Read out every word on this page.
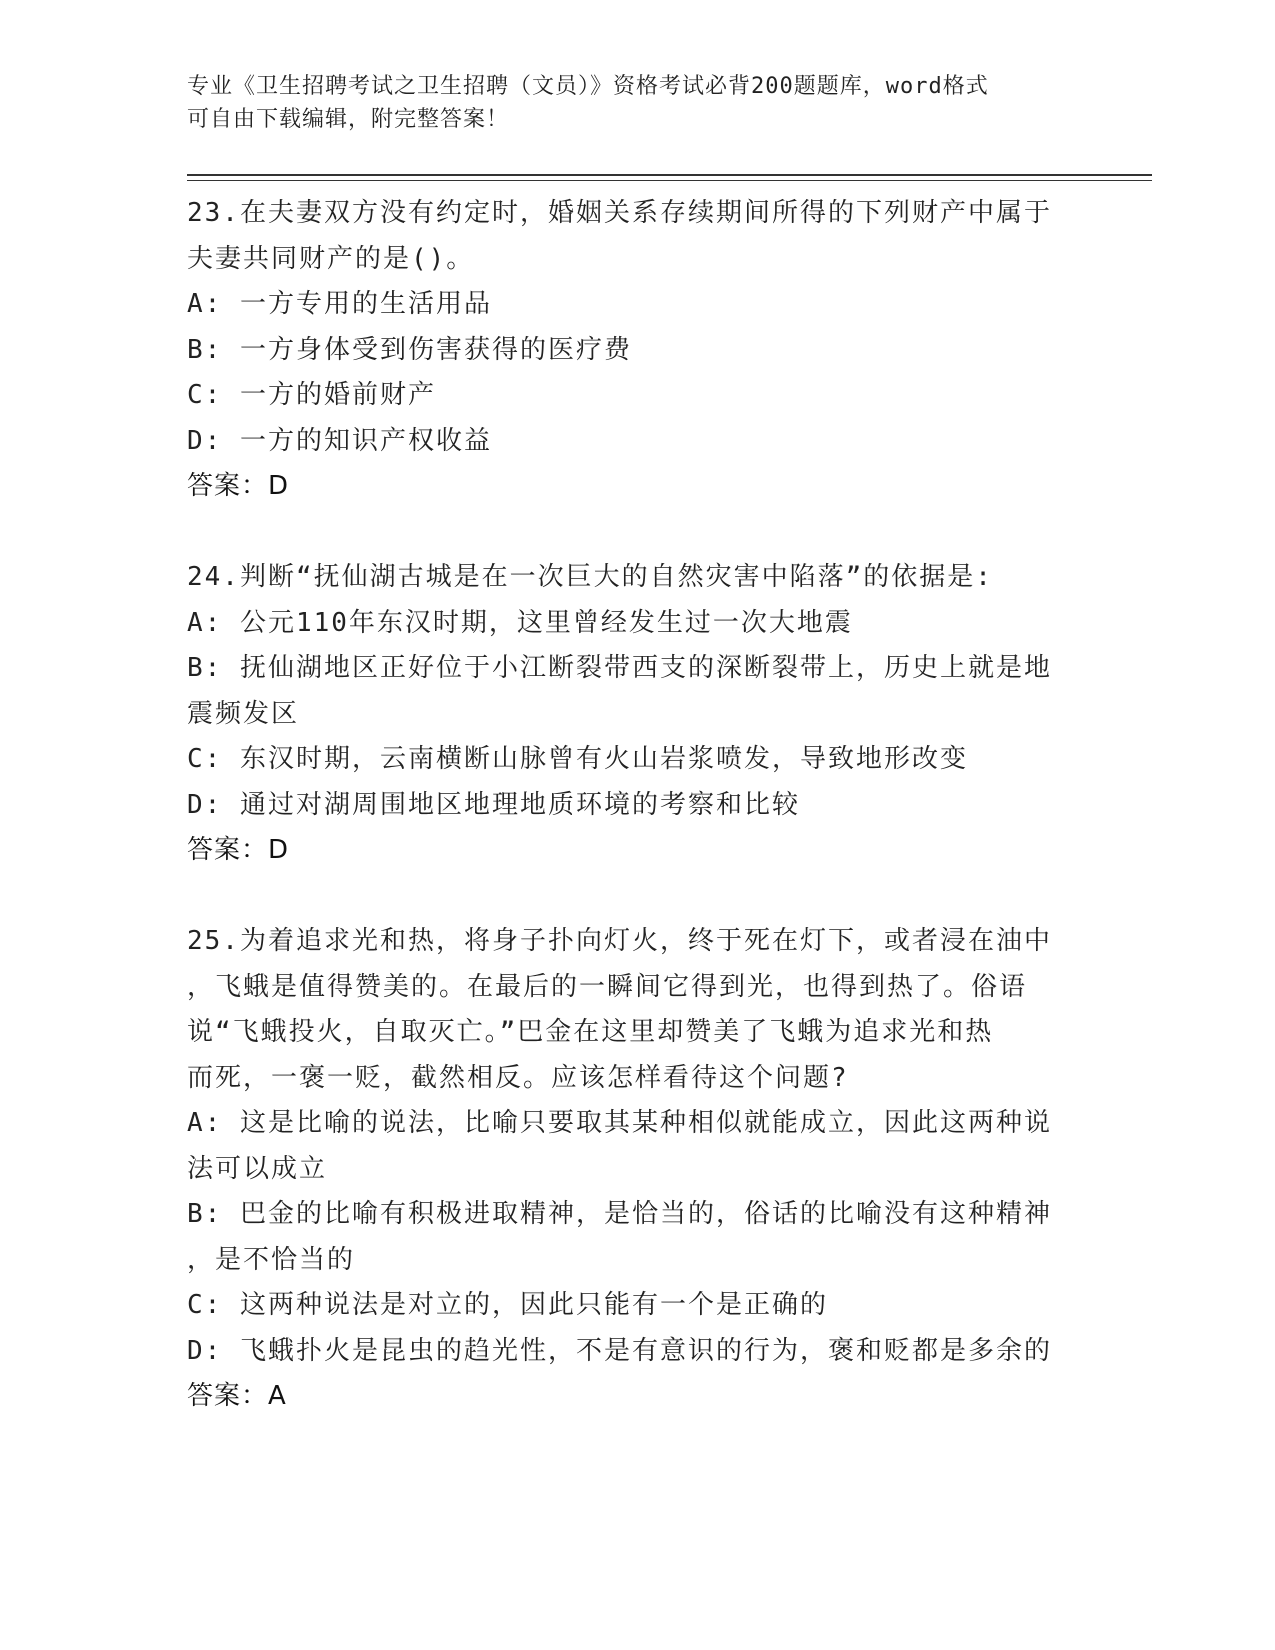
专业《卫生招聘考试之卫生招聘（文员）》资格考试必背200题题库，word格式
可自由下载编辑，附完整答案！
23.在夫妻双方没有约定时，婚姻关系存续期间所得的下列财产中属于
夫妻共同财产的是()。
A: 一方专用的生活用品
B: 一方身体受到伤害获得的医疗费
C: 一方的婚前财产
D: 一方的知识产权收益
答案：D
24.判断“抚仙湖古城是在一次巨大的自然灾害中陷落”的依据是:
A: 公元110年东汉时期，这里曾经发生过一次大地震
B: 抚仙湖地区正好位于小江断裂带西支的深断裂带上，历史上就是地
震频发区
C: 东汉时期，云南横断山脉曾有火山岩浆喷发，导致地形改变
D: 通过对湖周围地区地理地质环境的考察和比较
答案：D
25.为着追求光和热，将身子扑向灯火，终于死在灯下，或者浸在油中
，飞蛾是值得赞美的。在最后的一瞬间它得到光，也得到热了。俗语
说“飞蛾投火，自取灭亡。”巴金在这里却赞美了飞蛾为追求光和热
而死，一褒一贬，截然相反。应该怎样看待这个问题?
A: 这是比喻的说法，比喻只要取其某种相似就能成立，因此这两种说
法可以成立
B: 巴金的比喻有积极进取精神，是恰当的，俗话的比喻没有这种精神
，是不恰当的
C: 这两种说法是对立的，因此只能有一个是正确的
D: 飞蛾扑火是昆虫的趋光性，不是有意识的行为，褒和贬都是多余的
答案：A
